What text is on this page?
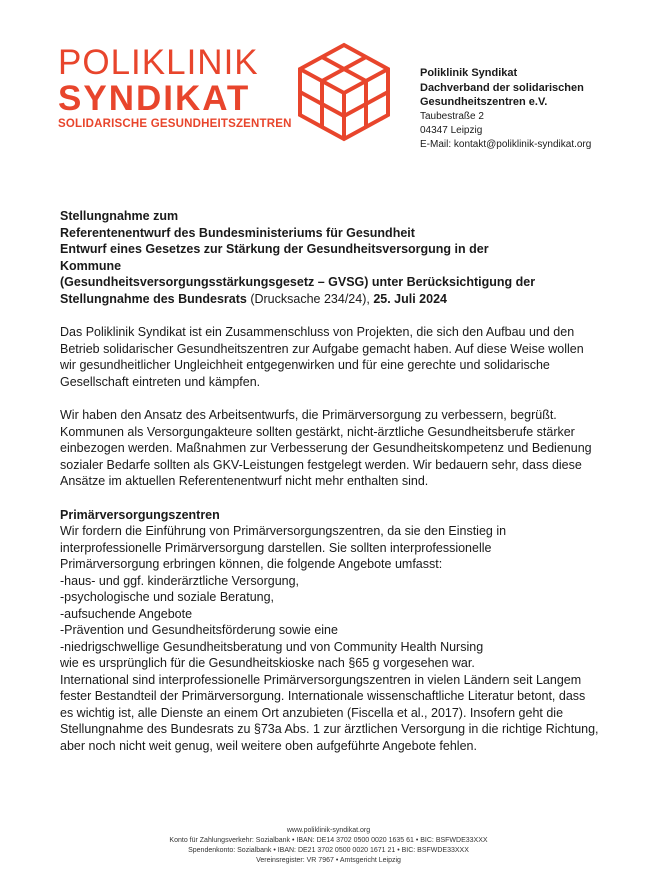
POLIKLINIK
SYNDIKAT
SOLIDARISCHE GESUNDHEITSZENTREN
Poliklinik Syndikat
Dachverband der solidarischen
Gesundheitszentren e.V.
Taubestraße 2
04347 Leipzig
E-Mail: kontakt@poliklinik-syndikat.org
Stellungnahme zum
Referentenentwurf des Bundesministeriums für Gesundheit
Entwurf eines Gesetzes zur Stärkung der Gesundheitsversorgung in der
Kommune
(Gesundheitsversorgungsstärkungsgesetz – GVSG) unter Berücksichtigung der
Stellungnahme des Bundesrats (Drucksache 234/24), 25. Juli 2024
Das Poliklinik Syndikat ist ein Zusammenschluss von Projekten, die sich den Aufbau und den
Betrieb solidarischer Gesundheitszentren zur Aufgabe gemacht haben. Auf diese Weise wollen
wir gesundheitlicher Ungleichheit entgegenwirken und für eine gerechte und solidarische
Gesellschaft eintreten und kämpfen.
Wir haben den Ansatz des Arbeitsentwurfs, die Primärversorgung zu verbessern, begrüßt.
Kommunen als Versorgungakteure sollten gestärkt, nicht-ärztliche Gesundheitsberufe stärker
einbezogen werden. Maßnahmen zur Verbesserung der Gesundheitskompetenz und Bedienung
sozialer Bedarfe sollten als GKV-Leistungen festgelegt werden. Wir bedauern sehr, dass diese
Ansätze im aktuellen Referentenentwurf nicht mehr enthalten sind.
Primärversorgungszentren
Wir fordern die Einführung von Primärversorgungszentren, da sie den Einstieg in
interprofessionelle Primärversorgung darstellen. Sie sollten interprofessionelle
Primärversorgung erbringen können, die folgende Angebote umfasst:
-haus- und ggf. kinderärztliche Versorgung,
-psychologische und soziale Beratung,
-aufsuchende Angebote
-Prävention und Gesundheitsförderung sowie eine
-niedrigschwellige Gesundheitsberatung und von Community Health Nursing
wie es ursprünglich für die Gesundheitskioske nach §65 g vorgesehen war.
International sind interprofessionelle Primärversorgungszentren in vielen Ländern seit Langem
fester Bestandteil der Primärversorgung. Internationale wissenschaftliche Literatur betont, dass
es wichtig ist, alle Dienste an einem Ort anzubieten (Fiscella et al., 2017). Insofern geht die
Stellungnahme des Bundesrats zu §73a Abs. 1 zur ärztlichen Versorgung in die richtige Richtung,
aber noch nicht weit genug, weil weitere oben aufgeführte Angebote fehlen.
www.poliklinik-syndikat.org
Konto für Zahlungsverkehr: Sozialbank • IBAN: DE14 3702 0500 0020 1635 61 • BIC: BSFWDE33XXX
Spendenkonto: Sozialbank • IBAN: DE21 3702 0500 0020 1671 21 • BIC: BSFWDE33XXX
Vereinsregister: VR 7967 • Amtsgericht Leipzig
